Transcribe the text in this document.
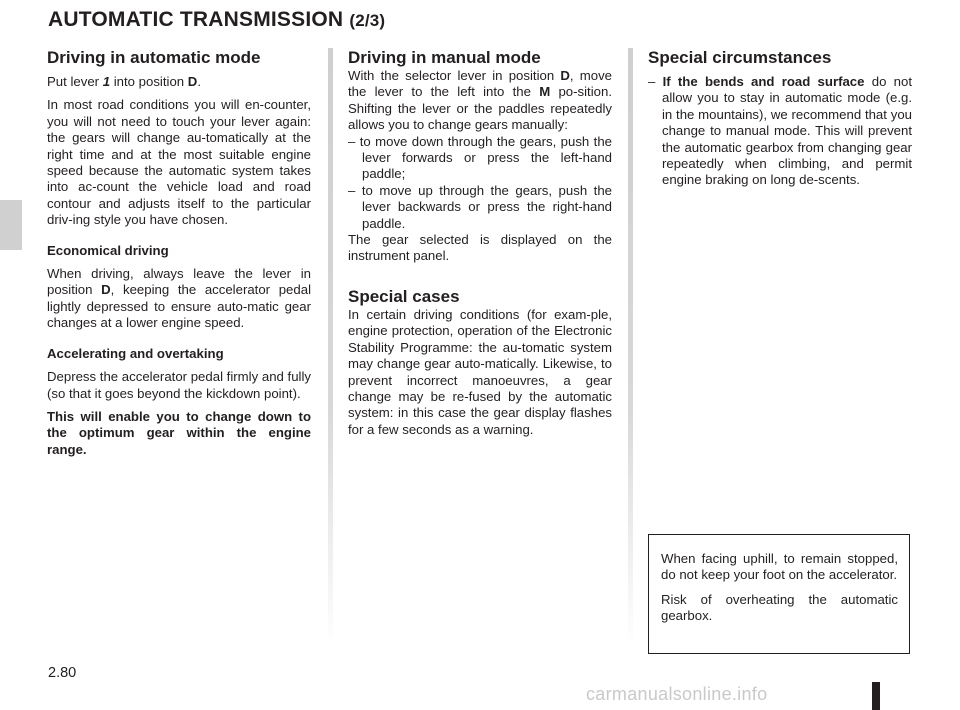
AUTOMATIC TRANSMISSION (2/3)
Driving in automatic mode

Put lever 1 into position D.

In most road conditions you will en-counter, you will not need to touch your lever again: the gears will change au-tomatically at the right time and at the most suitable engine speed because the automatic system takes into ac-count the vehicle load and road contour and adjusts itself to the particular driv-ing style you have chosen.

Economical driving

When driving, always leave the lever in position D, keeping the accelerator pedal lightly depressed to ensure auto-matic gear changes at a lower engine speed.

Accelerating and overtaking

Depress the accelerator pedal firmly and fully (so that it goes beyond the kickdown point).

This will enable you to change down to the optimum gear within the engine range.
Driving in manual mode

With the selector lever in position D, move the lever to the left into the M po-sition. Shifting the lever or the paddles repeatedly allows you to change gears manually:

– to move down through the gears, push the lever forwards or press the left-hand paddle;

– to move up through the gears, push the lever backwards or press the right-hand paddle.

The gear selected is displayed on the instrument panel.

Special cases

In certain driving conditions (for exam-ple, engine protection, operation of the Electronic Stability Programme: the au-tomatic system may change gear auto-matically. Likewise, to prevent incorrect manoeuvres, a gear change may be re-fused by the automatic system: in this case the gear display flashes for a few seconds as a warning.

Special circumstances

– If the bends and road surface do not allow you to stay in automatic mode (e.g. in the mountains), we recommend that you change to manual mode. This will prevent the automatic gearbox from changing gear repeatedly when climbing, and permit engine braking on long de-scents.

When facing uphill, to remain stopped, do not keep your foot on the accelerator.

Risk of overheating the automatic gearbox.

2.80
carmanualsonline.info
